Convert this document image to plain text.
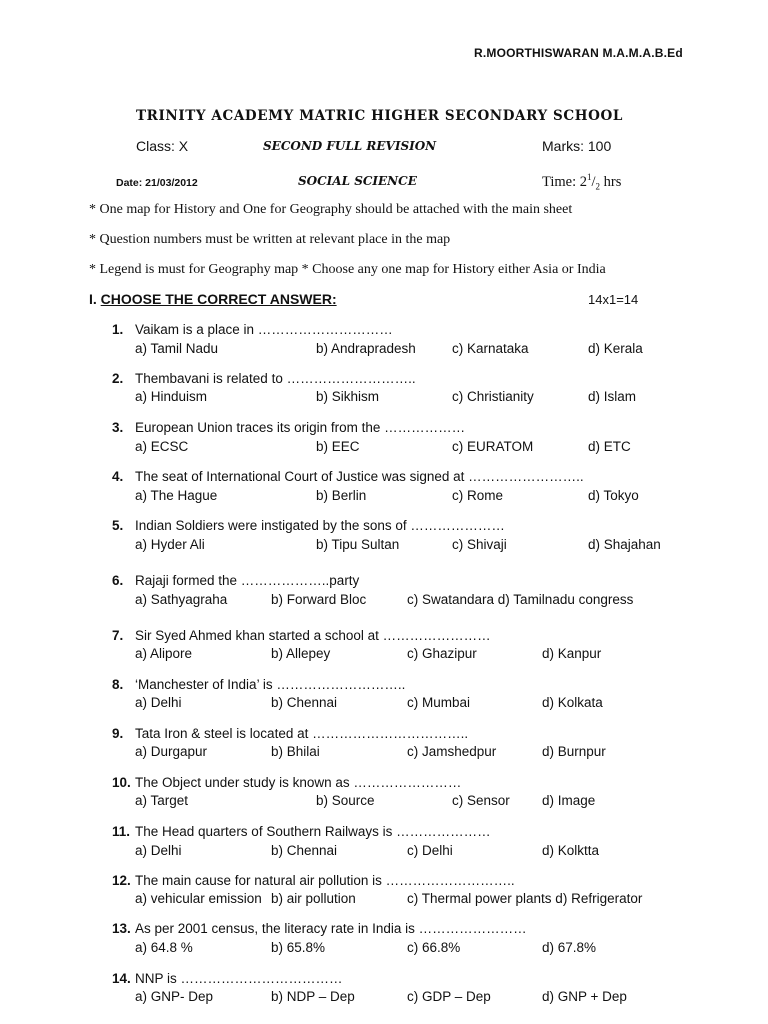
R.MOORTHISWARAN M.A.M.A.B.Ed
TRINITY ACADEMY MATRIC HIGHER SECONDARY SCHOOL
Class: X	SECOND FULL REVISION	Marks: 100
Date: 21/03/2012	SOCIAL SCIENCE	Time: $2^1/_2$ hrs
* One map for History and One for Geography should be attached with the main sheet
* Question numbers must be written at relevant place in the map
* Legend is must for Geography map * Choose any one map for History either Asia or India
I. CHOOSE THE CORRECT ANSWER:	14x1=14
1. Vaikam is a place in …………………………
a) Tamil Nadu	b) Andrapradesh	c) Karnataka	d) Kerala
2. Thembavani is related to ………………………..
a) Hinduism	b) Sikhism	c) Christianity	d) Islam
3. European Union traces its origin from the ………………
a) ECSC	b) EEC	c) EURATOM	d) ETC
4. The seat of International Court of Justice was signed at ……………………..
a) The Hague	b) Berlin	c) Rome	d) Tokyo
5. Indian Soldiers were instigated by the sons of …………………
a) Hyder Ali	b) Tipu Sultan	c) Shivaji	d) Shajahan
6. Rajaji formed the ………………..party
a) Sathyagraha	b) Forward Bloc	c) Swatandara d) Tamilnadu congress
7. Sir Syed Ahmed khan started a school at ……………………
a) Alipore	b) Allepey	c) Ghazipur	d) Kanpur
8. ‘Manchester of India’ is ………………………..
a) Delhi	b) Chennai	c) Mumbai	d) Kolkata
9. Tata Iron & steel is located at ……………………………..
a) Durgapur	b) Bhilai	c) Jamshedpur	d) Burnpur
10. The Object under study is known as ……………………
a) Target	b) Source	c) Sensor d) Image
11. The Head quarters of Southern Railways is …………………
a) Delhi	b) Chennai	c) Delhi	d) Kolktta
12. The main cause for natural air pollution is ………………………..
a) vehicular emission b) air pollution	c) Thermal power plants d) Refrigerator
13. As per 2001 census, the literacy rate in India is ……………………
a) 64.8 %	b) 65.8%	c) 66.8%	d) 67.8%
14. NNP is ………………………………
a) GNP- Dep	b) NDP – Dep	c) GDP – Dep	d) GNP + Dep
